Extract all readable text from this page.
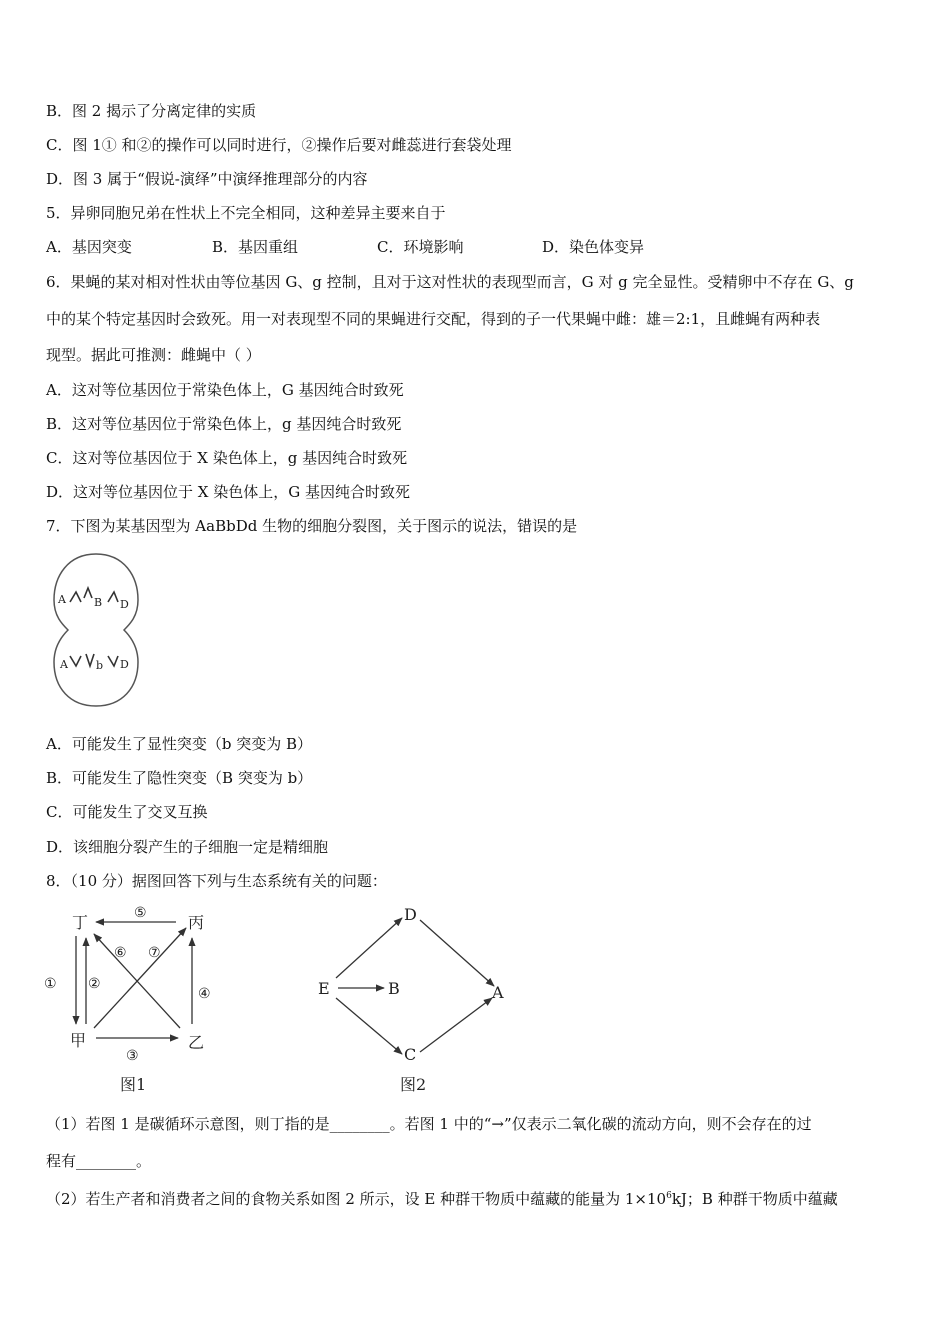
B．图 2 揭示了分离定律的实质
C．图 1① 和②的操作可以同时进行，②操作后要对雌蕊进行套袋处理
D．图 3 属于“假说-演绎”中演绎推理部分的内容
5．异卵同胞兄弟在性状上不完全相同，这种差异主要来自于
A．基因突变	B．基因重组	C．环境影响	D．染色体变异
6．果蝇的某对相对性状由等位基因 G、g 控制，且对于这对性状的表现型而言，G 对 g 完全显性。受精卵中不存在 G、g
中的某个特定基因时会致死。用一对表现型不同的果蝇进行交配，得到的子一代果蝇中雌：雄＝2:1，且雌蝇有两种表
现型。据此可推测：雌蝇中（ ）
A．这对等位基因位于常染色体上，G 基因纯合时致死
B．这对等位基因位于常染色体上，g 基因纯合时致死
C．这对等位基因位于 X 染色体上，g 基因纯合时致死
D．这对等位基因位于 X 染色体上，G 基因纯合时致死
7．下图为某基因型为 AaBbDd 生物的细胞分裂图，关于图示的说法，错误的是
A	B D
A	b D
A．可能发生了显性突变（b 突变为 B）
B．可能发生了隐性突变（B 突变为 b）
C．可能发生了交叉互换
D．该细胞分裂产生的子细胞一定是精细胞
8．（10 分）据图回答下列与生态系统有关的问题：
丁	丙
甲	乙
① ②
③
④
⑤
⑥ ⑦
图1
D
E	B	A
C
图2
（1）若图 1 是碳循环示意图，则丁指的是________。若图 1 中的“→”仅表示二氧化碳的流动方向，则不会存在的过
程有________。
（2）若生产者和消费者之间的食物关系如图 2 所示，设 E 种群干物质中蕴藏的能量为 $1\times 10^6kJ$；B 种群干物质中蕴藏
